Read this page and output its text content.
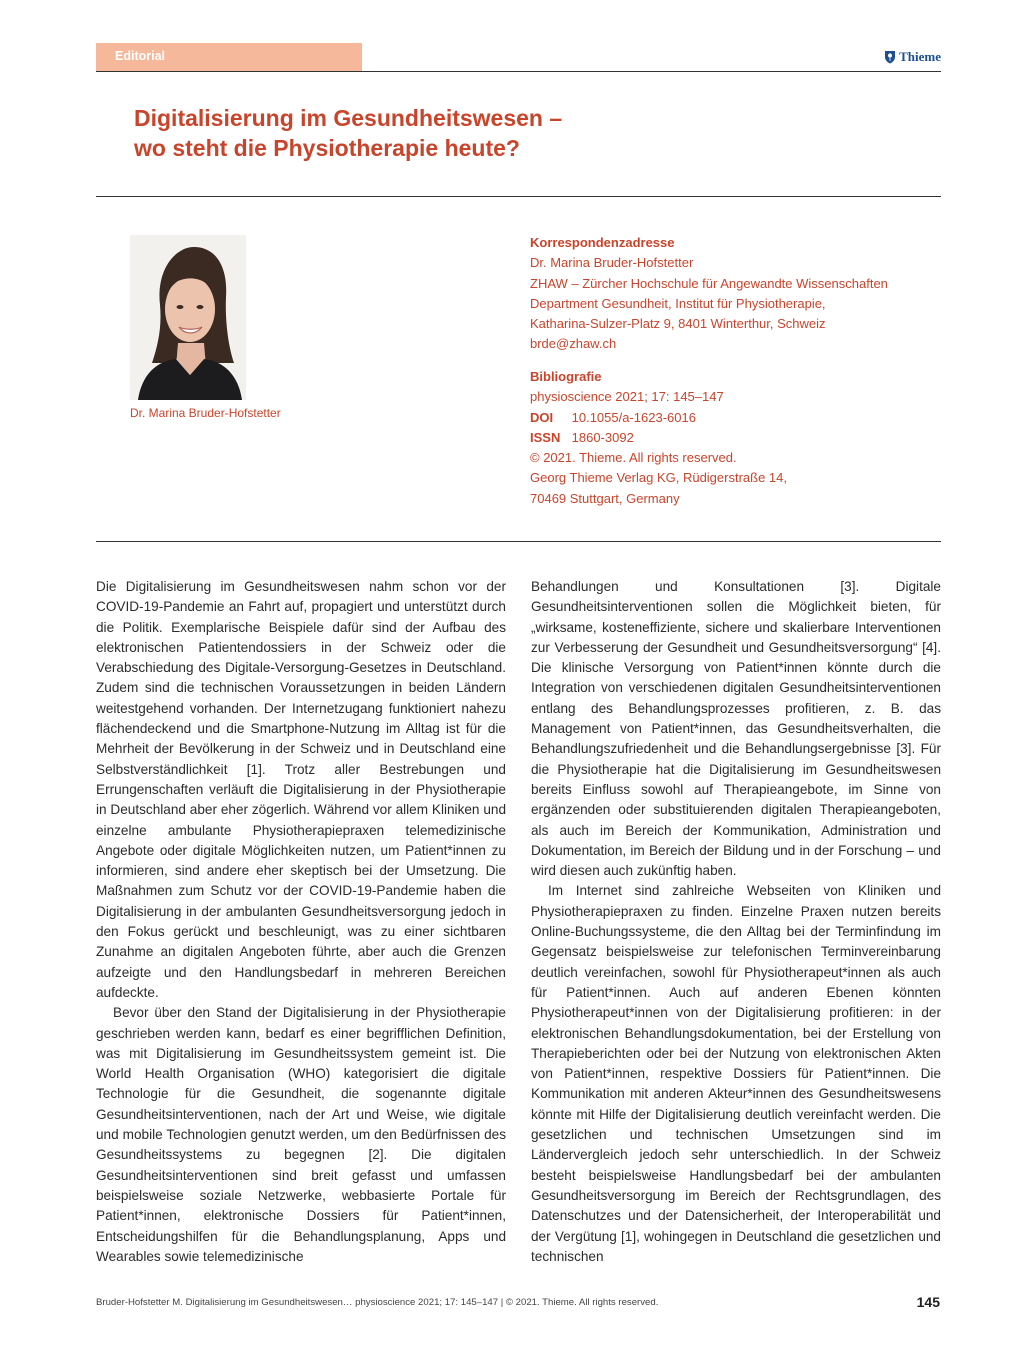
Editorial	Thieme
Digitalisierung im Gesundheitswesen –
wo steht die Physiotherapie heute?
Dr. Marina Bruder-Hofstetter
Korrespondenzadresse
Dr. Marina Bruder-Hofstetter
ZHAW – Zürcher Hochschule für Angewandte Wissenschaften
Department Gesundheit, Institut für Physiotherapie,
Katharina-Sulzer-Platz 9, 8401 Winterthur, Schweiz
brde@zhaw.ch
Bibliografie
physioscience 2021; 17: 145–147
DOI 10.1055/a-1623-6016
ISSN 1860-3092
© 2021. Thieme. All rights reserved.
Georg Thieme Verlag KG, Rüdigerstraße 14,
70469 Stuttgart, Germany

Die Digitalisierung im Gesundheitswesen nahm schon vor der COVID-19-Pandemie an Fahrt auf, propagiert und unterstützt durch die Politik. Exemplarische Beispiele dafür sind der Aufbau des elektronischen Patientendossiers in der Schweiz oder die Verabschiedung des Digitale-Versorgung-Gesetzes in Deutschland. Zudem sind die technischen Voraussetzungen in beiden Ländern weitestgehend vorhanden. Der Internetzugang funktioniert nahezu flächendeckend und die Smartphone-Nutzung im Alltag ist für die Mehrheit der Bevölkerung in der Schweiz und in Deutschland eine Selbstverständlichkeit [1]. Trotz aller Bestrebungen und Errungenschaften verläuft die Digitalisierung in der Physiotherapie in Deutschland aber eher zögerlich. Während vor allem Kliniken und einzelne ambulante Physiotherapiepraxen telemedizinische Angebote oder digitale Möglichkeiten nutzen, um Patient*innen zu informieren, sind andere eher skeptisch bei der Umsetzung. Die Maßnahmen zum Schutz vor der COVID-19-Pandemie haben die Digitalisierung in der ambulanten Gesundheitsversorgung jedoch in den Fokus gerückt und beschleunigt, was zu einer sichtbaren Zunahme an digitalen Angeboten führte, aber auch die Grenzen aufzeigte und den Handlungsbedarf in mehreren Bereichen aufdeckte.

Bevor über den Stand der Digitalisierung in der Physiotherapie geschrieben werden kann, bedarf es einer begrifflichen Definition, was mit Digitalisierung im Gesundheitssystem gemeint ist. Die World Health Organisation (WHO) kategorisiert die digitale Technologie für die Gesundheit, die sogenannte digitale Gesundheitsinterventionen, nach der Art und Weise, wie digitale und mobile Technologien genutzt werden, um den Bedürfnissen des Gesundheitssystems zu begegnen [2]. Die digitalen Gesundheitsinterventionen sind breit gefasst und umfassen beispielsweise soziale Netzwerke, webbasierte Portale für Patient*innen, elektronische Dossiers für Patient*innen, Entscheidungshilfen für die Behandlungsplanung, Apps und Wearables sowie telemedizinische

Behandlungen und Konsultationen [3]. Digitale Gesundheitsinterventionen sollen die Möglichkeit bieten, für „wirksame, kosteneffiziente, sichere und skalierbare Interventionen zur Verbesserung der Gesundheit und Gesundheitsversorgung“ [4]. Die klinische Versorgung von Patient*innen könnte durch die Integration von verschiedenen digitalen Gesundheitsinterventionen entlang des Behandlungsprozesses profitieren, z. B. das Management von Patient*innen, das Gesundheitsverhalten, die Behandlungszufriedenheit und die Behandlungsergebnisse [3]. Für die Physiotherapie hat die Digitalisierung im Gesundheitswesen bereits Einfluss sowohl auf Therapieangebote, im Sinne von ergänzenden oder substituierenden digitalen Therapieangeboten, als auch im Bereich der Kommunikation, Administration und Dokumentation, im Bereich der Bildung und in der Forschung – und wird diesen auch zukünftig haben.

Im Internet sind zahlreiche Webseiten von Kliniken und Physiotherapiepraxen zu finden. Einzelne Praxen nutzen bereits Online-Buchungssysteme, die den Alltag bei der Terminfindung im Gegensatz beispielsweise zur telefonischen Terminvereinbarung deutlich vereinfachen, sowohl für Physiotherapeut*innen als auch für Patient*innen. Auch auf anderen Ebenen könnten Physiotherapeut*innen von der Digitalisierung profitieren: in der elektronischen Behandlungsdokumentation, bei der Erstellung von Therapieberichten oder bei der Nutzung von elektronischen Akten von Patient*innen, respektive Dossiers für Patient*innen. Die Kommunikation mit anderen Akteur*innen des Gesundheitswesens könnte mit Hilfe der Digitalisierung deutlich vereinfacht werden. Die gesetzlichen und technischen Umsetzungen sind im Ländervergleich jedoch sehr unterschiedlich. In der Schweiz besteht beispielsweise Handlungsbedarf bei der ambulanten Gesundheitsversorgung im Bereich der Rechtsgrundlagen, des Datenschutzes und der Datensicherheit, der Interoperabilität und der Vergütung [1], wohingegen in Deutschland die gesetzlichen und technischen

Bruder-Hofstetter M. Digitalisierung im Gesundheitswesen… physioscience 2021; 17: 145–147 | © 2021. Thieme. All rights reserved.	145
